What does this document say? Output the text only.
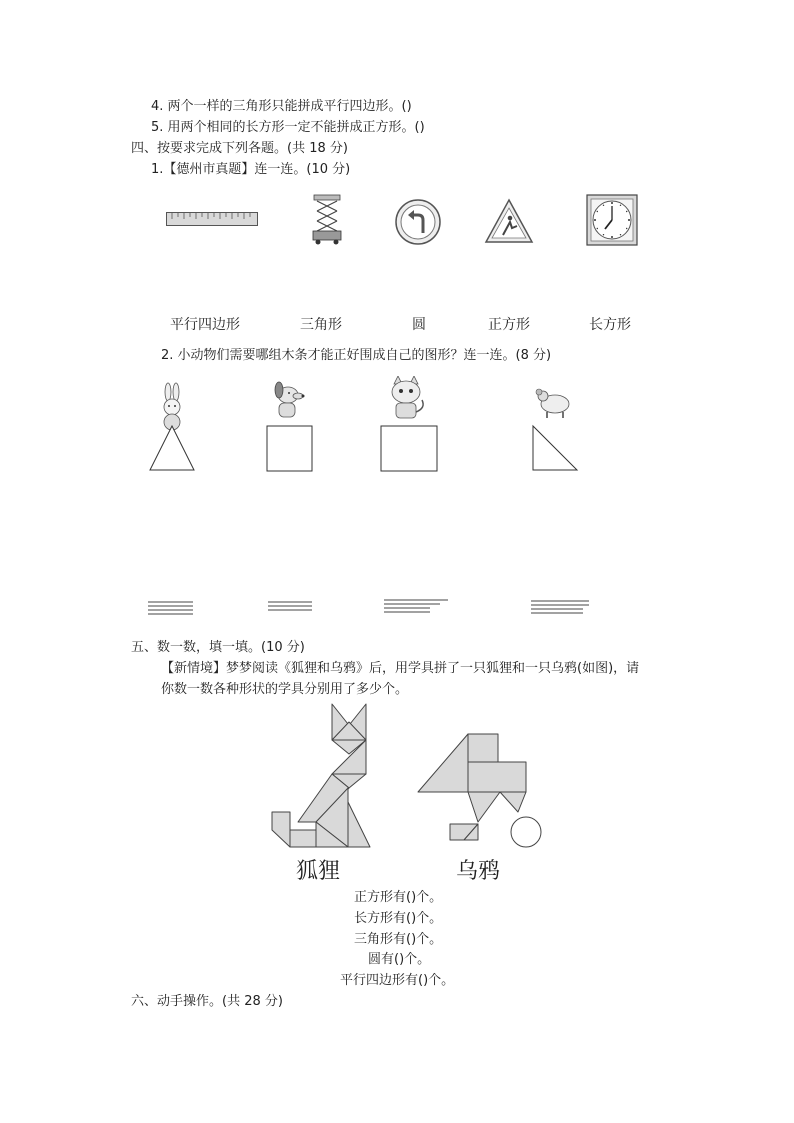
4. 两个一样的三角形只能拼成平行四边形。()
5. 用两个相同的长方形一定不能拼成正方形。()
四、按要求完成下列各题。(共 18 分)
1.【德州市真题】连一连。(10 分)
平行四边形	三角形	圆	正方形	长方形
2. 小动物们需要哪组木条才能正好围成自己的图形？连一连。(8 分)
五、数一数，填一填。(10 分)
【新情境】梦梦阅读《狐狸和乌鸦》后，用学具拼了一只狐狸和一只乌鸦(如图)，请
你数一数各种形状的学具分别用了多少个。
狐狸	乌鸦
正方形有()个。
长方形有()个。
三角形有()个。
圆有()个。
平行四边形有()个。
六、动手操作。(共 28 分)
